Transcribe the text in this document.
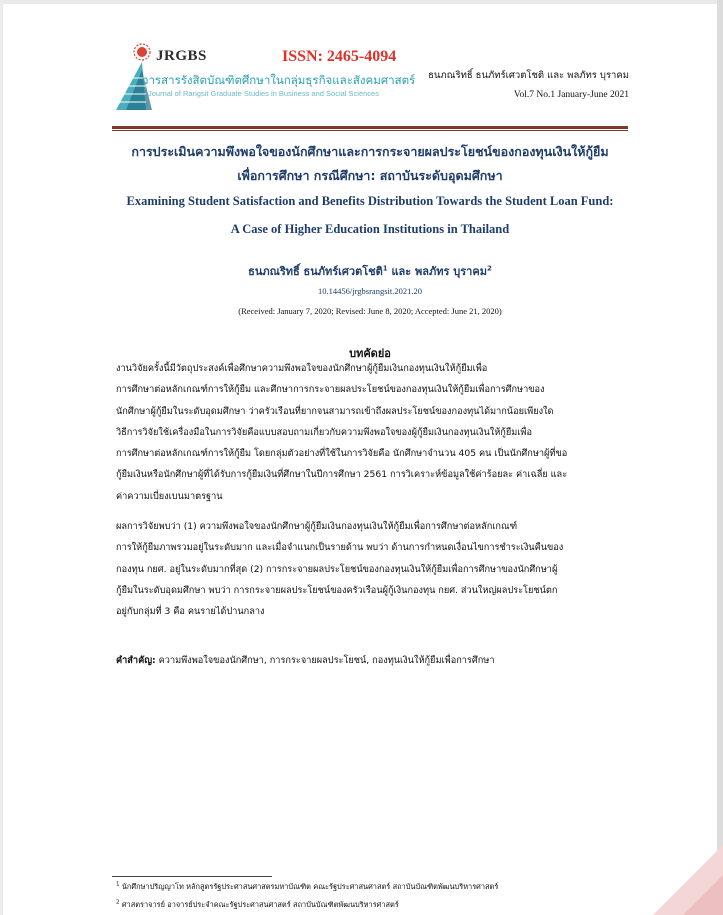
JRGBS	ISSN: 2465-4094
วารสารรังสิตบัณฑิตศึกษาในกลุ่มธุรกิจและสังคมศาสตร์
Journal of Rangsit Graduate Studies in Business and Social Sciences
ธนภณริทธิ์ ธนภัทร์เศวตโชติ และ พลภัทร บุราคม
Vol.7 No.1 January-June 2021
การประเมินความพึงพอใจของนักศึกษาและการกระจายผลประโยชน์ของกองทุนเงินให้กู้ยืม
เพื่อการศึกษา กรณีศึกษา: สถาบันระดับอุดมศึกษา
Examining Student Satisfaction and Benefits Distribution Towards the Student Loan Fund:
A Case of Higher Education Institutions in Thailand
ธนภณริทธิ์ ธนภัทร์เศวตโชติ$^1$ และ พลภัทร บุราคม$^2$
10.14456/jrgbsrangsit.2021.20
(Received: January 7, 2020; Revised: June 8, 2020; Accepted: June 21, 2020)
บทคัดย่อ
งานวิจัยครั้งนี้มีวัตถุประสงค์เพื่อศึกษาความพึงพอใจของนักศึกษาผู้กู้ยืมเงินกองทุนเงินให้กู้ยืมเพื่อ
การศึกษาต่อหลักเกณฑ์การให้กู้ยืม และศึกษาการกระจายผลประโยชน์ของกองทุนเงินให้กู้ยืมเพื่อการศึกษาของ
นักศึกษาผู้กู้ยืมในระดับอุดมศึกษา ว่าครัวเรือนที่ยากจนสามารถเข้าถึงผลประโยชน์ของกองทุนได้มากน้อยเพียงใด
วิธีการวิจัยใช้เครื่องมือในการวิจัยคือแบบสอบถามเกี่ยวกับความพึงพอใจของผู้กู้ยืมเงินกองทุนเงินให้กู้ยืมเพื่อ
การศึกษาต่อหลักเกณฑ์การให้กู้ยืม โดยกลุ่มตัวอย่างที่ใช้ในการวิจัยคือ นักศึกษาจำนวน 405 คน เป็นนักศึกษาผู้ที่ขอ
กู้ยืมเงินหรือนักศึกษาผู้ที่ได้รับการกู้ยืมเงินที่ศึกษาในปีการศึกษา 2561 การวิเคราะห์ข้อมูลใช้ค่าร้อยละ ค่าเฉลี่ย และ
ค่าความเบี่ยงเบนมาตรฐาน
ผลการวิจัยพบว่า (1) ความพึงพอใจของนักศึกษาผู้กู้ยืมเงินกองทุนเงินให้กู้ยืมเพื่อการศึกษาต่อหลักเกณฑ์
การให้กู้ยืมภาพรวมอยู่ในระดับมาก และเมื่อจำแนกเป็นรายด้าน พบว่า ด้านการกำหนดเงื่อนไขการชำระเงินคืนของ
กองทุน กยศ. อยู่ในระดับมากที่สุด (2) การกระจายผลประโยชน์ของกองทุนเงินให้กู้ยืมเพื่อการศึกษาของนักศึกษาผู้
กู้ยืมในระดับอุดมศึกษา พบว่า การกระจายผลประโยชน์ของครัวเรือนผู้กู้เงินกองทุน กยศ. ส่วนใหญ่ผลประโยชน์ตก
อยู่กับกลุ่มที่ 3 คือ คนรายได้ปานกลาง
คำสำคัญ: ความพึงพอใจของนักศึกษา, การกระจายผลประโยชน์, กองทุนเงินให้กู้ยืมเพื่อการศึกษา
$^1$ นักศึกษาปริญญาโท หลักสูตรรัฐประศาสนศาสตรมหาบัณฑิต คณะรัฐประศาสนศาสตร์ สถาบันบัณฑิตพัฒนบริหารศาสตร์
$^2$ ศาสตราจารย์ อาจารย์ประจำคณะรัฐประศาสนศาสตร์ สถาบันบัณฑิตพัฒนบริหารศาสตร์
